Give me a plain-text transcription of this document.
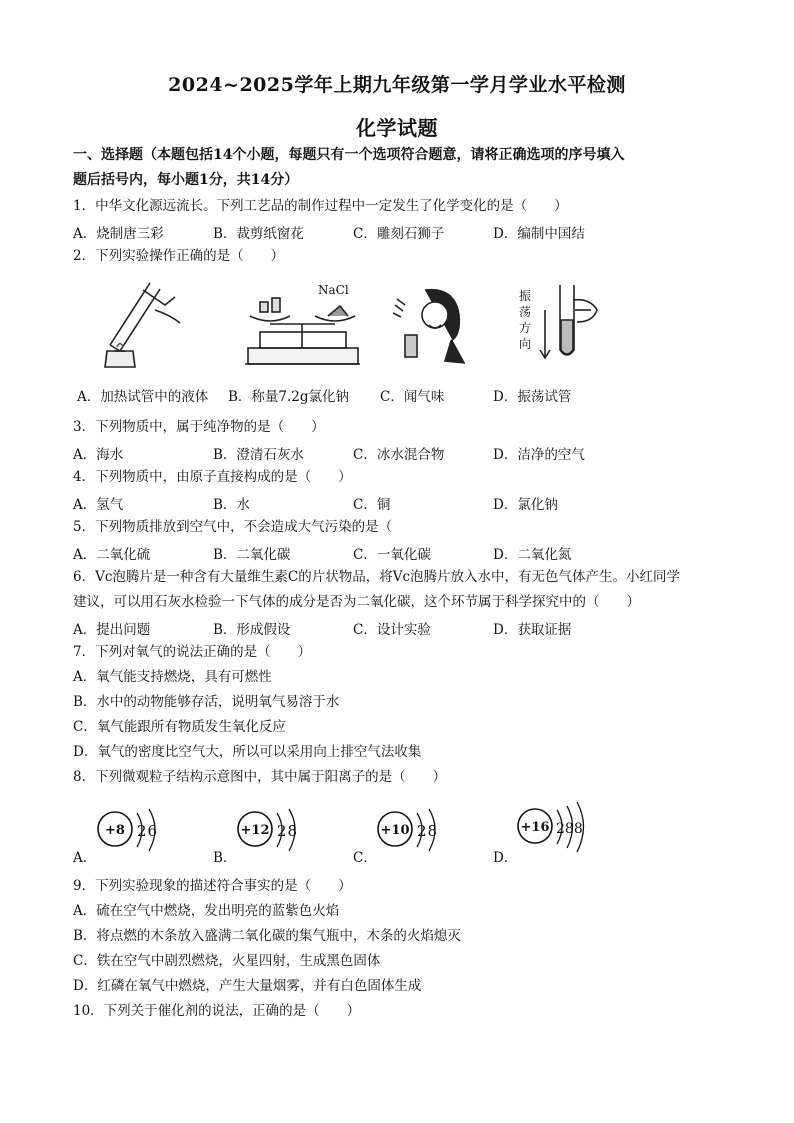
2024~2025学年上期九年级第一学月学业水平检测
化学试题
一、选择题（本题包括14个小题，每题只有一个选项符合题意，请将正确选项的序号填入
题后括号内，每小题1分，共14分）
1．中华文化源远流长。下列工艺品的制作过程中一定发生了化学变化的是（　　）
A．烧制唐三彩	B．裁剪纸窗花	C．雕刻石狮子	D．编制中国结
2．下列实验操作正确的是（　　）
NaCl	振
荡
方
向
A．加热试管中的液体 B．称量7.2g氯化钠 C．闻气味	D．振荡试管
3．下列物质中，属于纯净物的是（　　）
A．海水	B．澄清石灰水	C．冰水混合物	D．洁净的空气
4．下列物质中，由原子直接构成的是（　　）
A．氢气	B．水	C．铜	D．氯化钠
5．下列物质排放到空气中，不会造成大气污染的是（
A．二氧化硫	B．二氧化碳	C．一氧化碳	D．二氧化氮
6．Vc泡腾片是一种含有大量维生素C的片状物品，将Vc泡腾片放入水中，有无色气体产生。小红同学
建议，可以用石灰水检验一下气体的成分是否为二氧化碳，这个环节属于科学探究中的（　　）
A．提出问题	B．形成假设	C．设计实验	D．获取证据
7．下列对氧气的说法正确的是（　　）
A．氧气能支持燃烧，具有可燃性
B．水中的动物能够存活，说明氧气易溶于水
C．氧气能跟所有物质发生氧化反应
D．氧气的密度比空气大，所以可以采用向上排空气法收集
8．下列微观粒子结构示意图中，其中属于阳离子的是（　　）
A．	B．	C．	D．
+8 26	+12 28	+10 28	+16 288
9．下列实验现象的描述符合事实的是（　　）
A．硫在空气中燃烧，发出明亮的蓝紫色火焰
B．将点燃的木条放入盛满二氧化碳的集气瓶中，木条的火焰熄灭
C．铁在空气中剧烈燃烧，火星四射，生成黑色固体
D．红磷在氧气中燃烧，产生大量烟雾，并有白色固体生成
10．下列关于催化剂的说法，正确的是（　　）
